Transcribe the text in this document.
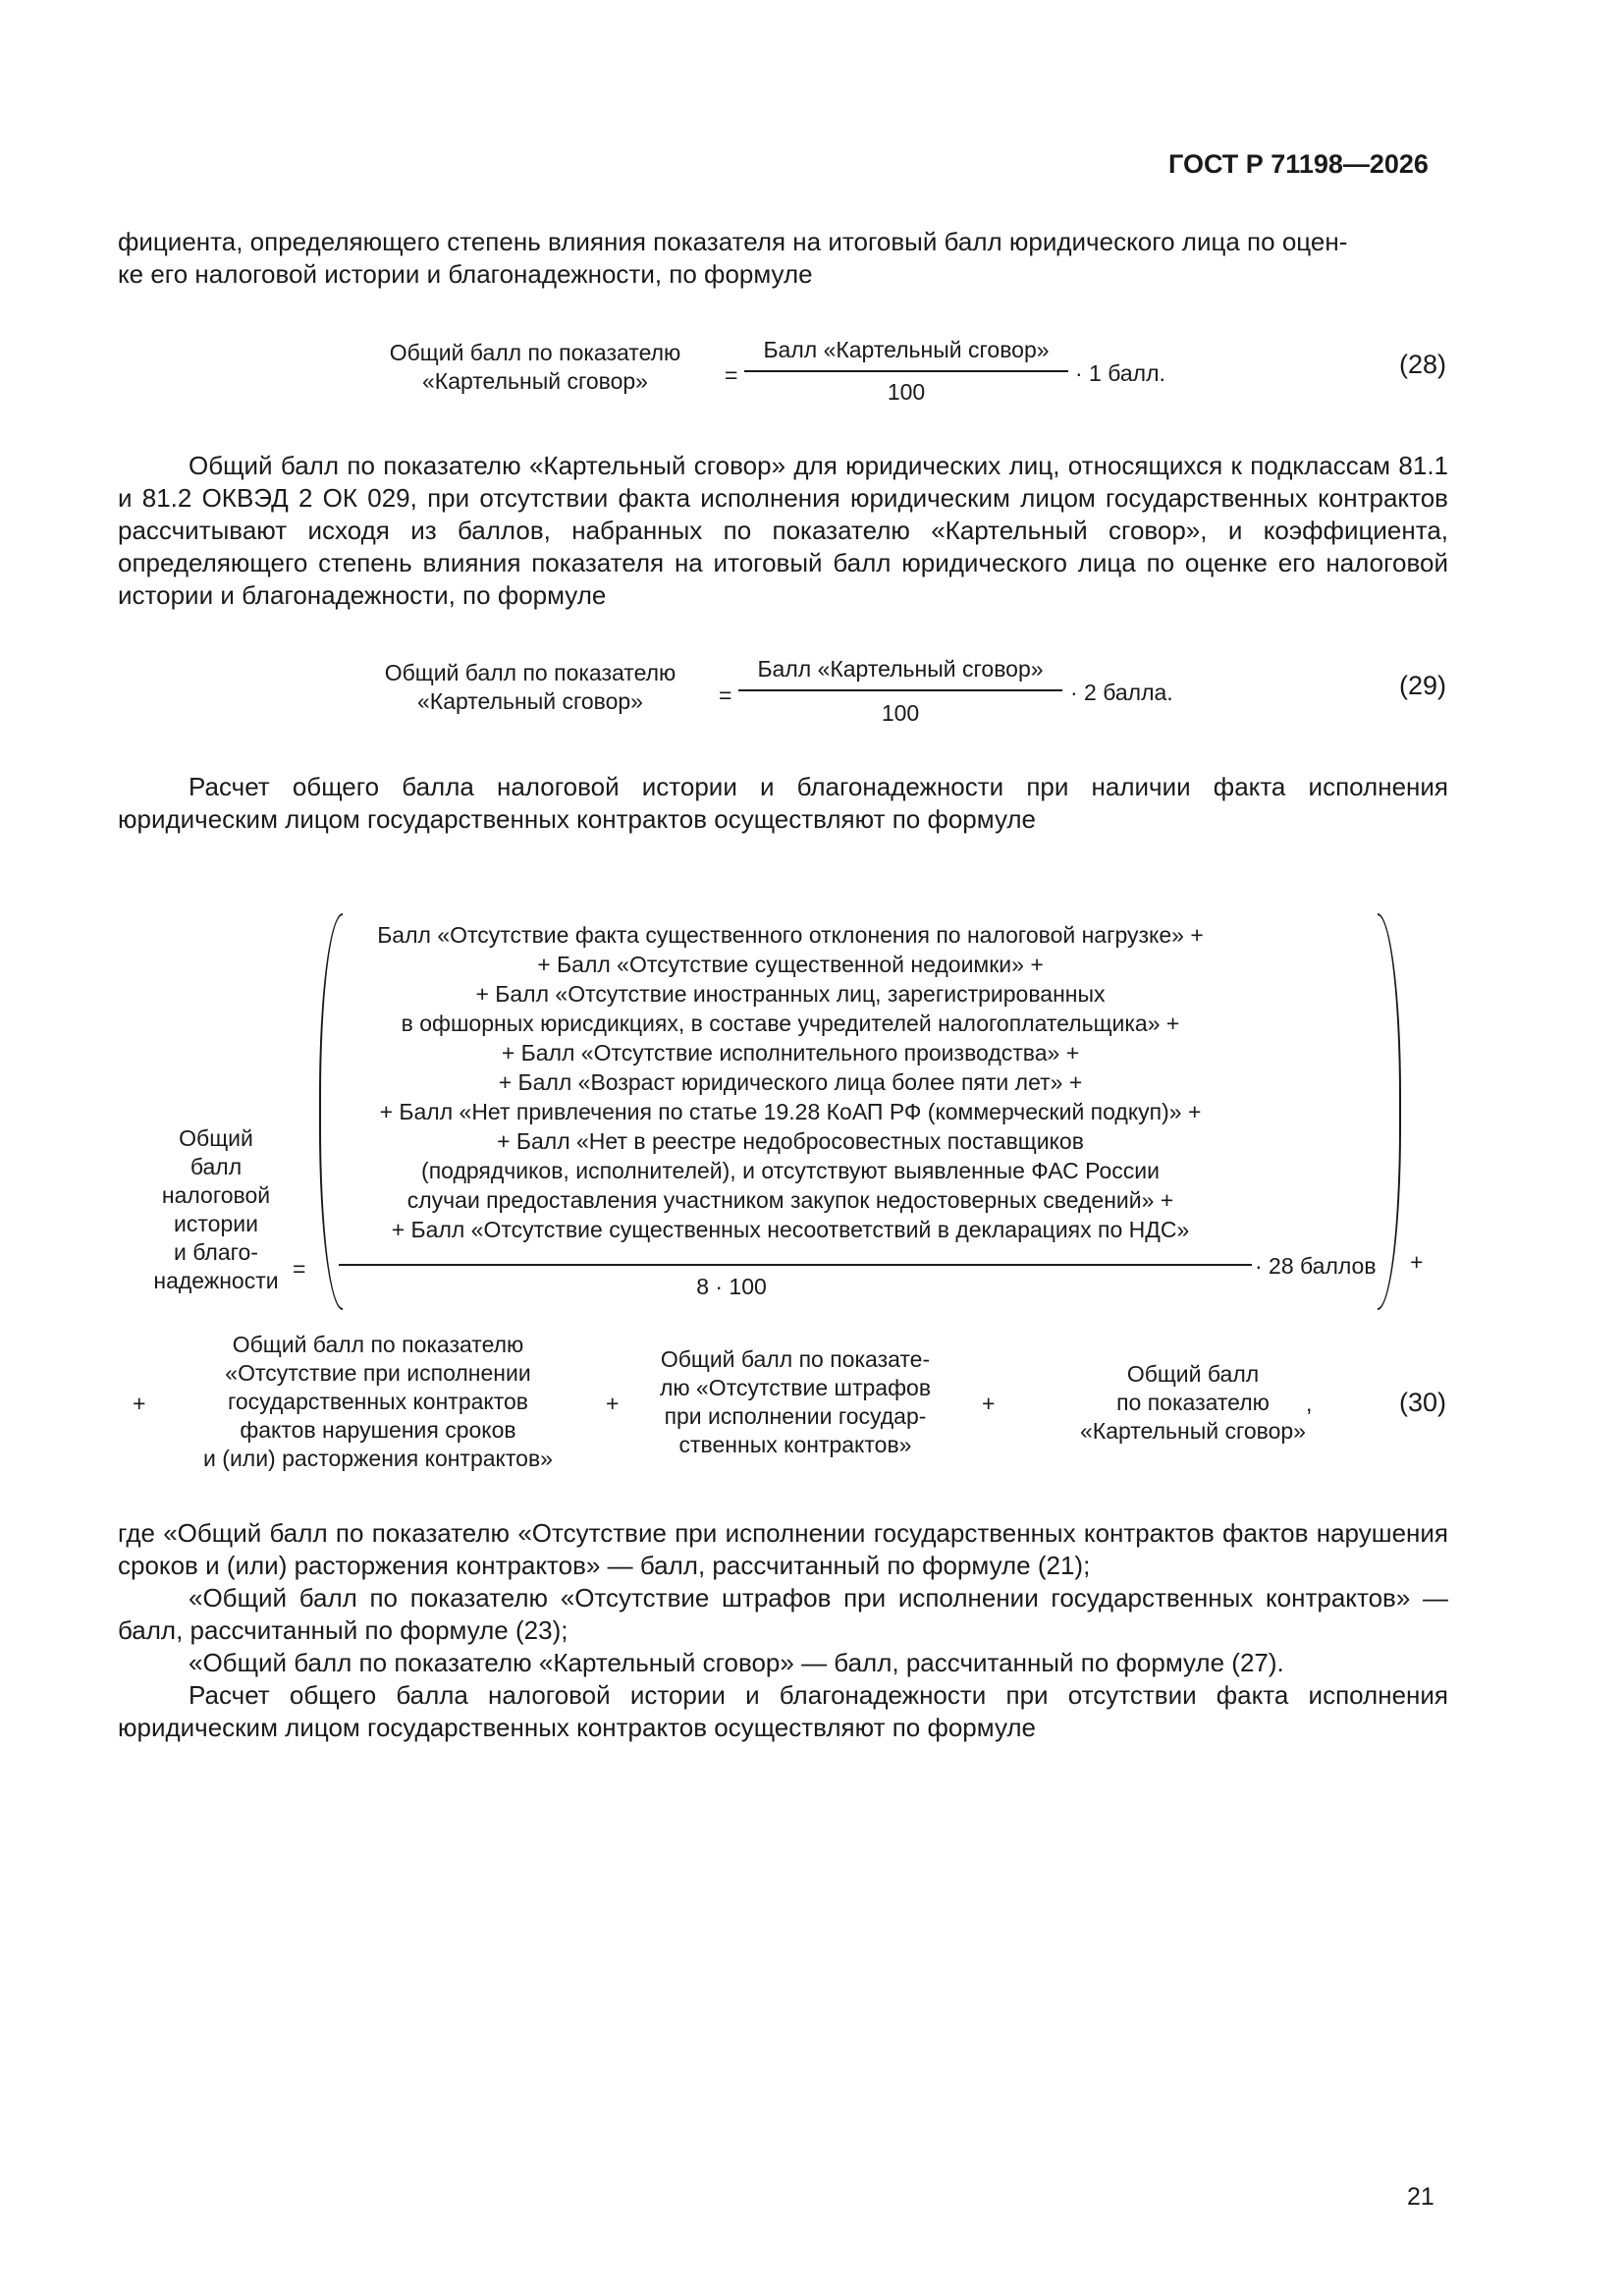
ГОСТ Р 71198—2026
фициента, определяющего степень влияния показателя на итоговый балл юридического лица по оцен-
ке его налоговой истории и благонадежности, по формуле
Общий балл по показателю
«Картельный сговор»	=
Балл «Картельный сговор»
100
· 1 балл.	(28)
Общий балл по показателю «Картельный сговор» для юридических лиц, относящихся к подклассам 81.1 и 81.2 ОКВЭД 2 ОК 029, при отсутствии факта исполнения юридическим лицом государственных контрактов рассчитывают исходя из баллов, набранных по показателю «Картельный сговор», и коэффициента, определяющего степень влияния показателя на итоговый балл юридического лица по оценке его налоговой истории и благонадежности, по формуле
Общий балл по показателю
«Картельный сговор»	=
Балл «Картельный сговор»
100
· 2 балла.	(29)
Расчет общего балла налоговой истории и благонадежности при наличии факта исполнения юридическим лицом государственных контрактов осуществляют по формуле
Общий
балл
налоговой
истории
и благо-
надежности =
Балл «Отсутствие факта существенного отклонения по налоговой нагрузке» +
+ Балл «Отсутствие существенной недоимки» +
+ Балл «Отсутствие иностранных лиц, зарегистрированных
в офшорных юрисдикциях, в составе учредителей налогоплательщика» +
+ Балл «Отсутствие исполнительного производства» +
+ Балл «Возраст юридического лица более пяти лет» +
+ Балл «Нет привлечения по статье 19.28 КоАП РФ (коммерческий подкуп)» +
+ Балл «Нет в реестре недобросовестных поставщиков
(подрядчиков, исполнителей), и отсутствуют выявленные ФАС России
случаи предоставления участником закупок недостоверных сведений» +
+ Балл «Отсутствие существенных несоответствий в декларациях по НДС»
8 · 100
· 28 баллов +
+
Общий балл по показателю
«Отсутствие при исполнении
государственных контрактов
фактов нарушения сроков
и (или) расторжения контрактов»
+
Общий балл по показате-
лю «Отсутствие штрафов
при исполнении государ-
ственных контрактов»
+
Общий балл
по показателю
«Картельный сговор»
,	(30)
где «Общий балл по показателю «Отсутствие при исполнении государственных контрактов фактов нарушения сроков и (или) расторжения контрактов» — балл, рассчитанный по формуле (21);
«Общий балл по показателю «Отсутствие штрафов при исполнении государственных контрактов» — балл, рассчитанный по формуле (23);
«Общий балл по показателю «Картельный сговор» — балл, рассчитанный по формуле (27).
Расчет общего балла налоговой истории и благонадежности при отсутствии факта исполнения юридическим лицом государственных контрактов осуществляют по формуле
21
